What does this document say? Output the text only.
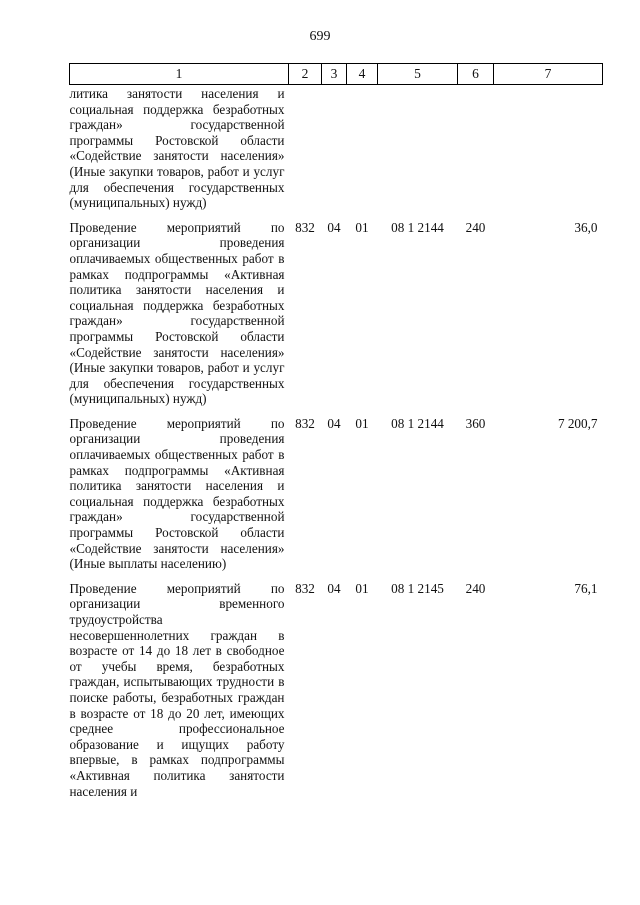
699
1	2	3	4	5	6	7
литика занятости населения и социальная поддержка безработных граждан» государственной программы Ростовской области «Содействие занятости населения» (Иные закупки товаров, работ и услуг для обеспечения государственных (муниципальных) нужд)						
Проведение мероприятий по организации проведения оплачиваемых общественных работ в рамках подпрограммы «Активная политика занятости населения и социальная поддержка безработных граждан» государственной программы Ростовской области «Содействие занятости населения» (Иные закупки товаров, работ и услуг для обеспечения государственных (муниципальных) нужд)	832	04	01	08 1 2144	240	36,0
Проведение мероприятий по организации проведения оплачиваемых общественных работ в рамках подпрограммы «Активная политика занятости населения и социальная поддержка безработных граждан» государственной программы Ростовской области «Содействие занятости населения» (Иные выплаты населению)	832	04	01	08 1 2144	360	7 200,7
Проведение мероприятий по организации временного трудоустройства несовершеннолетних граждан в возрасте от 14 до 18 лет в свободное от учебы время, безработных граждан, испытывающих трудности в поиске работы, безработных граждан в возрасте от 18 до 20 лет, имеющих среднее профессиональное образование и ищущих работу впервые, в рамках подпрограммы «Активная политика занятости населения и	832	04	01	08 1 2145	240	76,1
